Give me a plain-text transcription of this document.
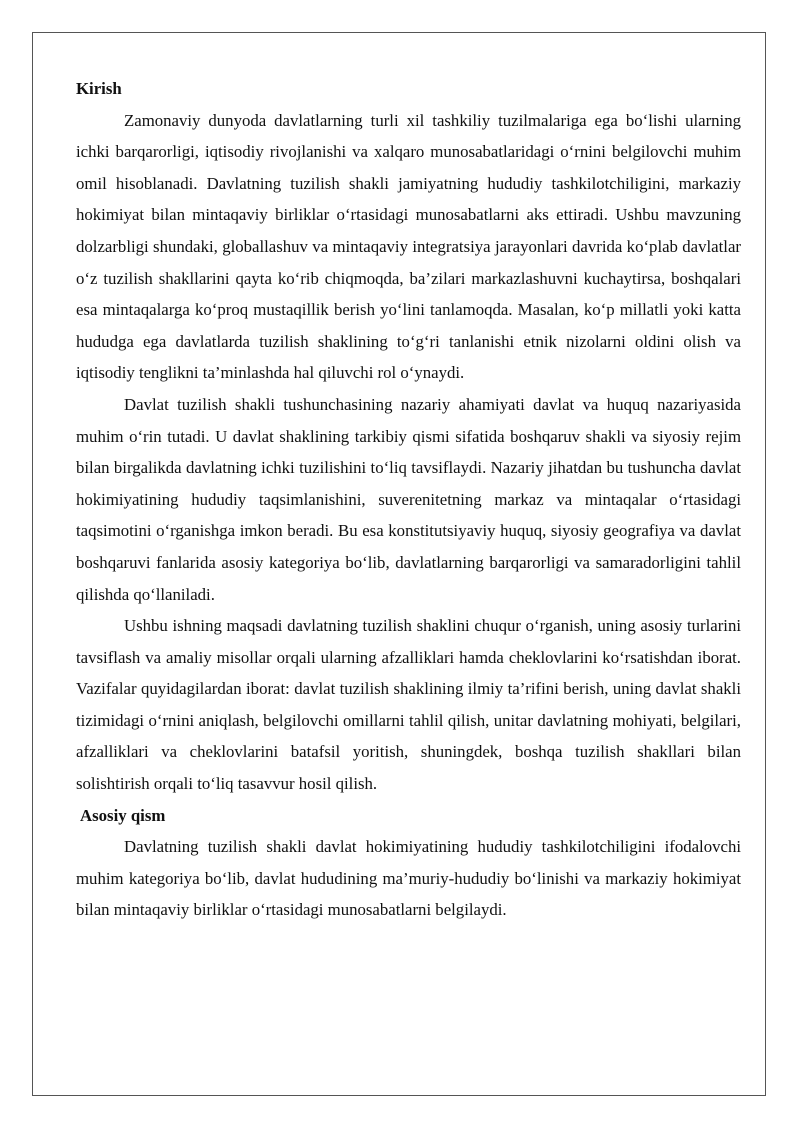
Kirish

Zamonaviy dunyoda davlatlarning turli xil tashkiliy tuzilmalariga ega bo‘lishi ularning ichki barqarorligi, iqtisodiy rivojlanishi va xalqaro munosabatlaridagi o‘rnini belgilovchi muhim omil hisoblanadi. Davlatning tuzilish shakli jamiyatning hududiy tashkilotchiligini, markaziy hokimiyat bilan mintaqaviy birliklar o‘rtasidagi munosabatlarni aks ettiradi. Ushbu mavzuning dolzarbligi shundaki, globallashuv va mintaqaviy integratsiya jarayonlari davrida ko‘plab davlatlar o‘z tuzilish shakllarini qayta ko‘rib chiqmoqda, ba’zilari markazlashuvni kuchaytirsa, boshqalari esa mintaqalarga ko‘proq mustaqillik berish yo‘lini tanlamoqda. Masalan, ko‘p millatli yoki katta hududga ega davlatlarda tuzilish shaklining to‘g‘ri tanlanishi etnik nizolarni oldini olish va iqtisodiy tenglikni ta’minlashda hal qiluvchi rol o‘ynaydi.

Davlat tuzilish shakli tushunchasining nazariy ahamiyati davlat va huquq nazariyasida muhim o‘rin tutadi. U davlat shaklining tarkibiy qismi sifatida boshqaruv shakli va siyosiy rejim bilan birgalikda davlatning ichki tuzilishini to‘liq tavsiflaydi. Nazariy jihatdan bu tushuncha davlat hokimiyatining hududiy taqsimlanishini, suverenitetning markaz va mintaqalar o‘rtasidagi taqsimotini o‘rganishga imkon beradi. Bu esa konstitutsiyaviy huquq, siyosiy geografiya va davlat boshqaruvi fanlarida asosiy kategoriya bo‘lib, davlatlarning barqarorligi va samaradorligini tahlil qilishda qo‘llaniladi.

Ushbu ishning maqsadi davlatning tuzilish shaklini chuqur o‘rganish, uning asosiy turlarini tavsiflash va amaliy misollar orqali ularning afzalliklari hamda cheklovlarini ko‘rsatishdan iborat. Vazifalar quyidagilardan iborat: davlat tuzilish shaklining ilmiy ta’rifini berish, uning davlat shakli tizimidagi o‘rnini aniqlash, belgilovchi omillarni tahlil qilish, unitar davlatning mohiyati, belgilari, afzalliklari va cheklovlarini batafsil yoritish, shuningdek, boshqa tuzilish shakllari bilan solishtirish orqali to‘liq tasavvur hosil qilish.

Asosiy qism

Davlatning tuzilish shakli davlat hokimiyatining hududiy tashkilotchiligini ifodalovchi muhim kategoriya bo‘lib, davlat hududining ma’muriy-hududiy bo‘linishi va markaziy hokimiyat bilan mintaqaviy birliklar o‘rtasidagi munosabatlarni belgilaydi.
